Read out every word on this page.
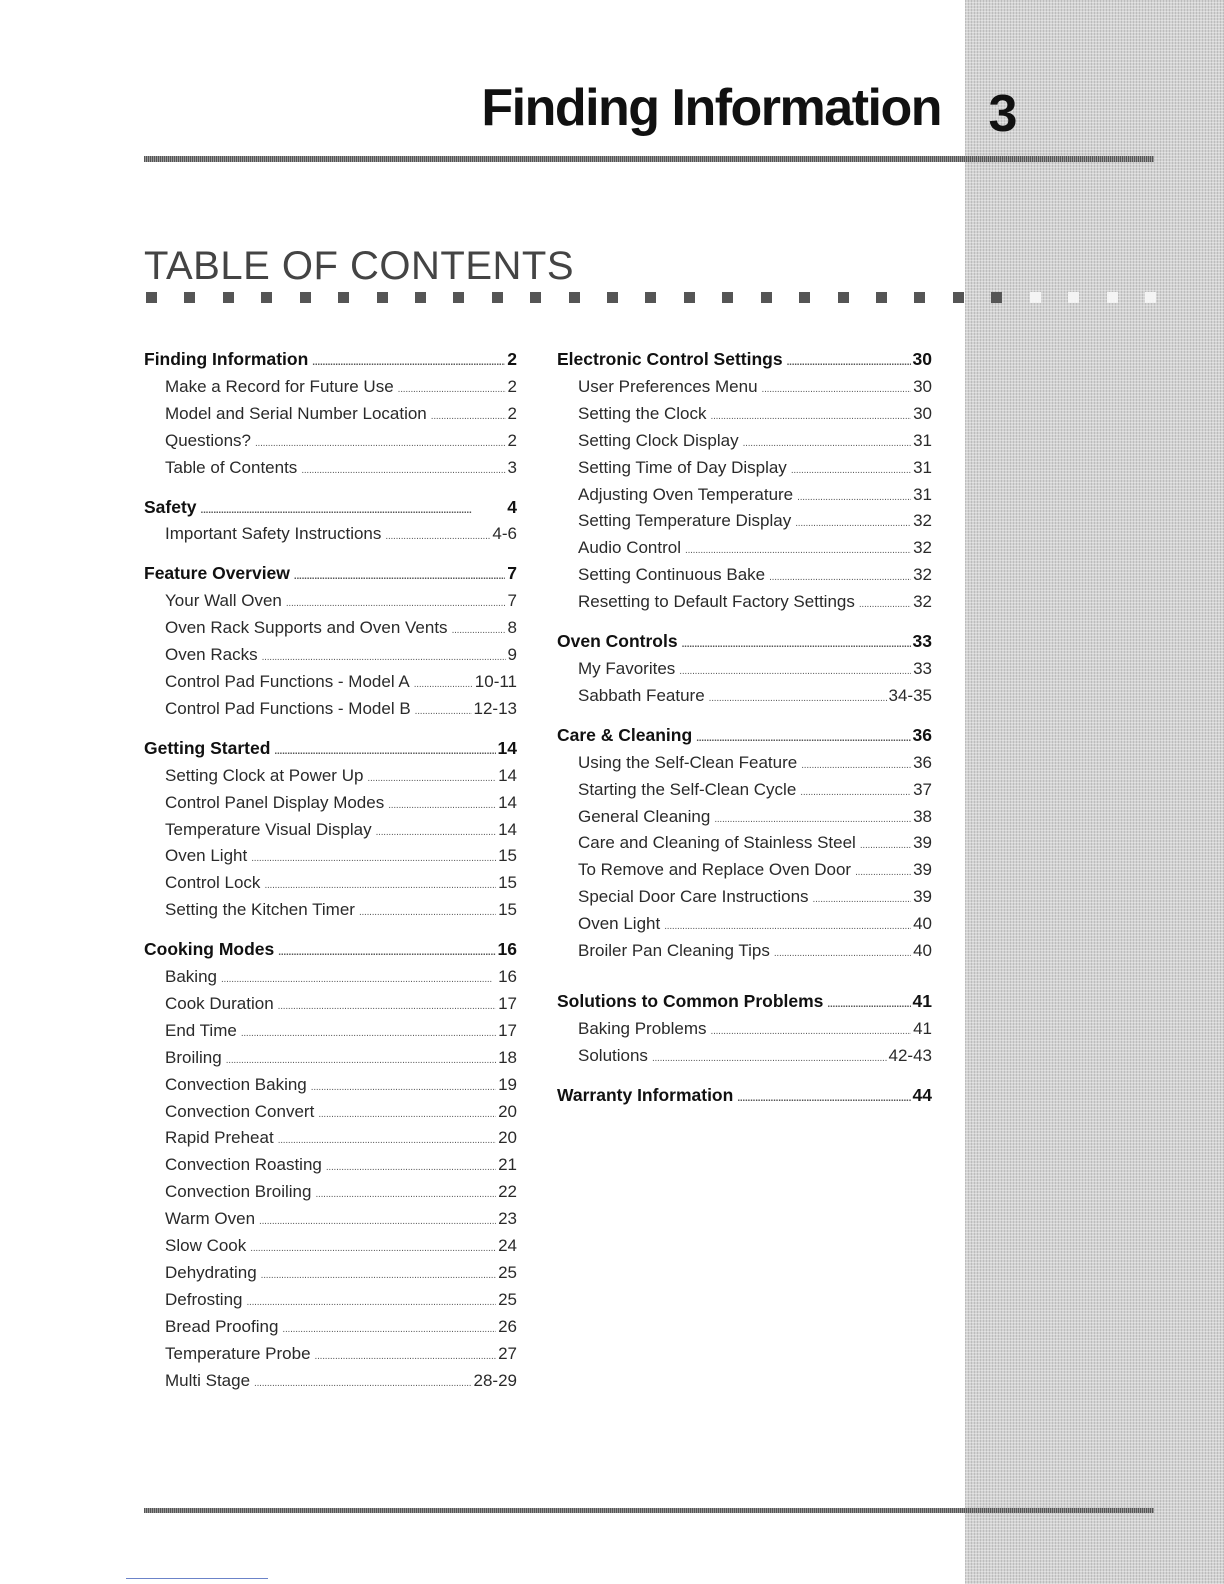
Finding Information 3
TABLE OF CONTENTS
Finding Information . . .	2
Make a Record for Future Use . . .	2
Model and Serial Number Location . . .	2
Questions? . . .	2
Table of Contents . . .	3
Safety . . .	4
Important Safety Instructions . . .	4-6
Feature Overview . . .	7
Your Wall Oven . . .	7
Oven Rack Supports and Oven Vents . . .	8
Oven Racks . . .	9
Control Pad Functions - Model A . . .	10-11
Control Pad Functions - Model B . . .	12-13
Getting Started . . .	14
Setting Clock at Power Up . . .	14
Control Panel Display Modes . . .	14
Temperature Visual Display . . .	14
Oven Light . . .	15
Control Lock . . .	15
Setting the Kitchen Timer . . .	15
Cooking Modes . . .	16
Baking . . .	16
Cook Duration . . .	17
End Time . . .	17
Broiling . . .	18
Convection Baking . . .	19
Convection Convert . . .	20
Rapid Preheat . . .	20
Convection Roasting . . .	21
Convection Broiling . . .	22
Warm Oven . . .	23
Slow Cook . . .	24
Dehydrating . . .	25
Defrosting . . .	25
Bread Proofing . . .	26
Temperature Probe . . .	27
Multi Stage . . .	28-29
Electronic Control Settings . . .	30
User Preferences Menu . . .	30
Setting the Clock . . .	30
Setting Clock Display . . .	31
Setting Time of Day Display . . .	31
Adjusting Oven Temperature . . .	31
Setting Temperature Display . . .	32
Audio Control . . .	32
Setting Continuous Bake . . .	32
Resetting to Default Factory Settings . . .	32
Oven Controls . . .	33
My Favorites . . .	33
Sabbath Feature . . .	34-35
Care & Cleaning . . .	36
Using the Self-Clean Feature . . .	36
Starting the Self-Clean Cycle . . .	37
General Cleaning . . .	38
Care and Cleaning of Stainless Steel . . .	39
To Remove and Replace Oven Door . . .	39
Special Door Care Instructions . . .	39
Oven Light . . .	40
Broiler Pan Cleaning Tips . . .	40
Solutions to Common Problems . . .	41
Baking Problems . . .	41
Solutions . . .	42-43
Warranty Information . . .	44
